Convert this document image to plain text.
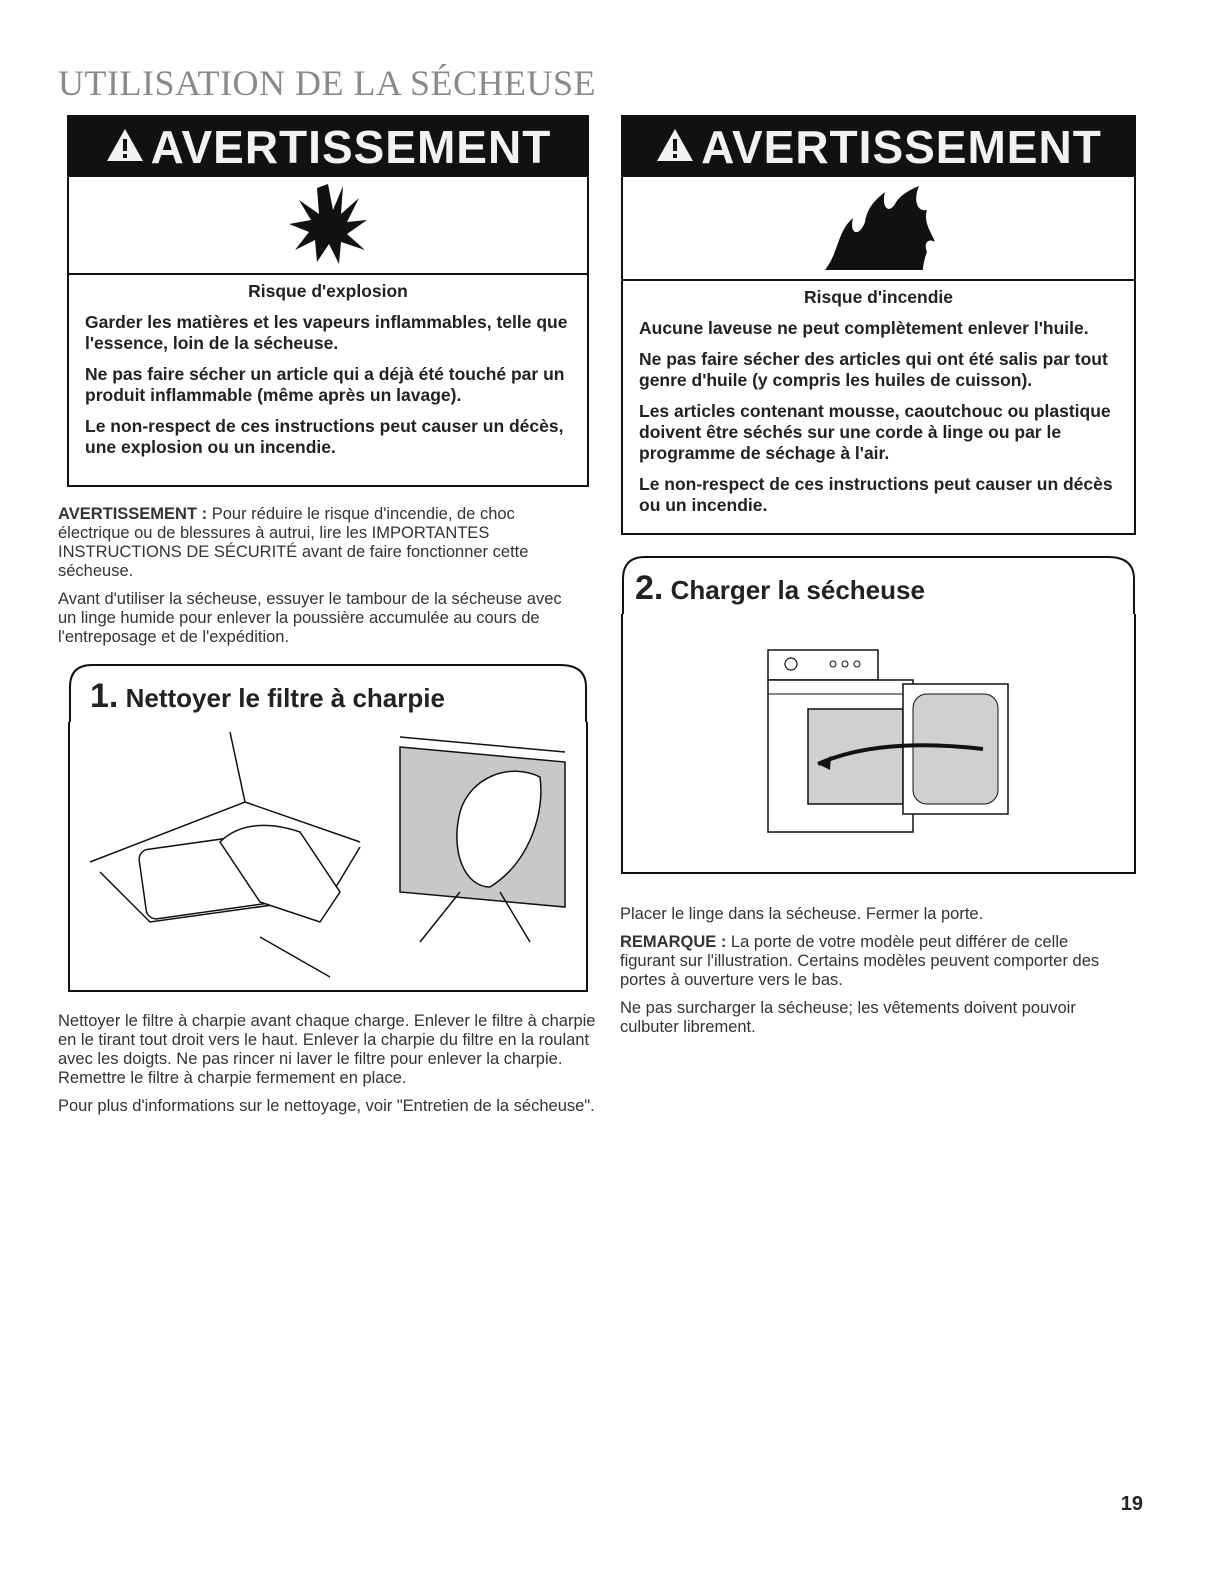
UTILISATION DE LA SÉCHEUSE
AVERTISSEMENT
Risque d'explosion

Garder les matières et les vapeurs inflammables, telle que l'essence, loin de la sécheuse.

Ne pas faire sécher un article qui a déjà été touché par un produit inflammable (même après un lavage).

Le non-respect de ces instructions peut causer un décès, une explosion ou un incendie.

AVERTISSEMENT
Risque d'incendie

Aucune laveuse ne peut complètement enlever l'huile.

Ne pas faire sécher des articles qui ont été salis par tout genre d'huile (y compris les huiles de cuisson).

Les articles contenant mousse, caoutchouc ou plastique doivent être séchés sur une corde à linge ou par le programme de séchage à l'air.

Le non-respect de ces instructions peut causer un décès ou un incendie.

AVERTISSEMENT : Pour réduire le risque d'incendie, de choc électrique ou de blessures à autrui, lire les IMPORTANTES INSTRUCTIONS DE SÉCURITÉ avant de faire fonctionner cette sécheuse.

Avant d'utiliser la sécheuse, essuyer le tambour de la sécheuse avec un linge humide pour enlever la poussière accumulée au cours de l'entreposage et de l'expédition.

1. Nettoyer le filtre à charpie

Nettoyer le filtre à charpie avant chaque charge. Enlever le filtre à charpie en le tirant tout droit vers le haut. Enlever la charpie du filtre en la roulant avec les doigts. Ne pas rincer ni laver le filtre pour enlever la charpie. Remettre le filtre à charpie fermement en place.

Pour plus d'informations sur le nettoyage, voir "Entretien de la sécheuse".

2. Charger la sécheuse

Placer le linge dans la sécheuse. Fermer la porte.

REMARQUE : La porte de votre modèle peut différer de celle figurant sur l'illustration. Certains modèles peuvent comporter des portes à ouverture vers le bas.

Ne pas surcharger la sécheuse; les vêtements doivent pouvoir culbuter librement.

19
